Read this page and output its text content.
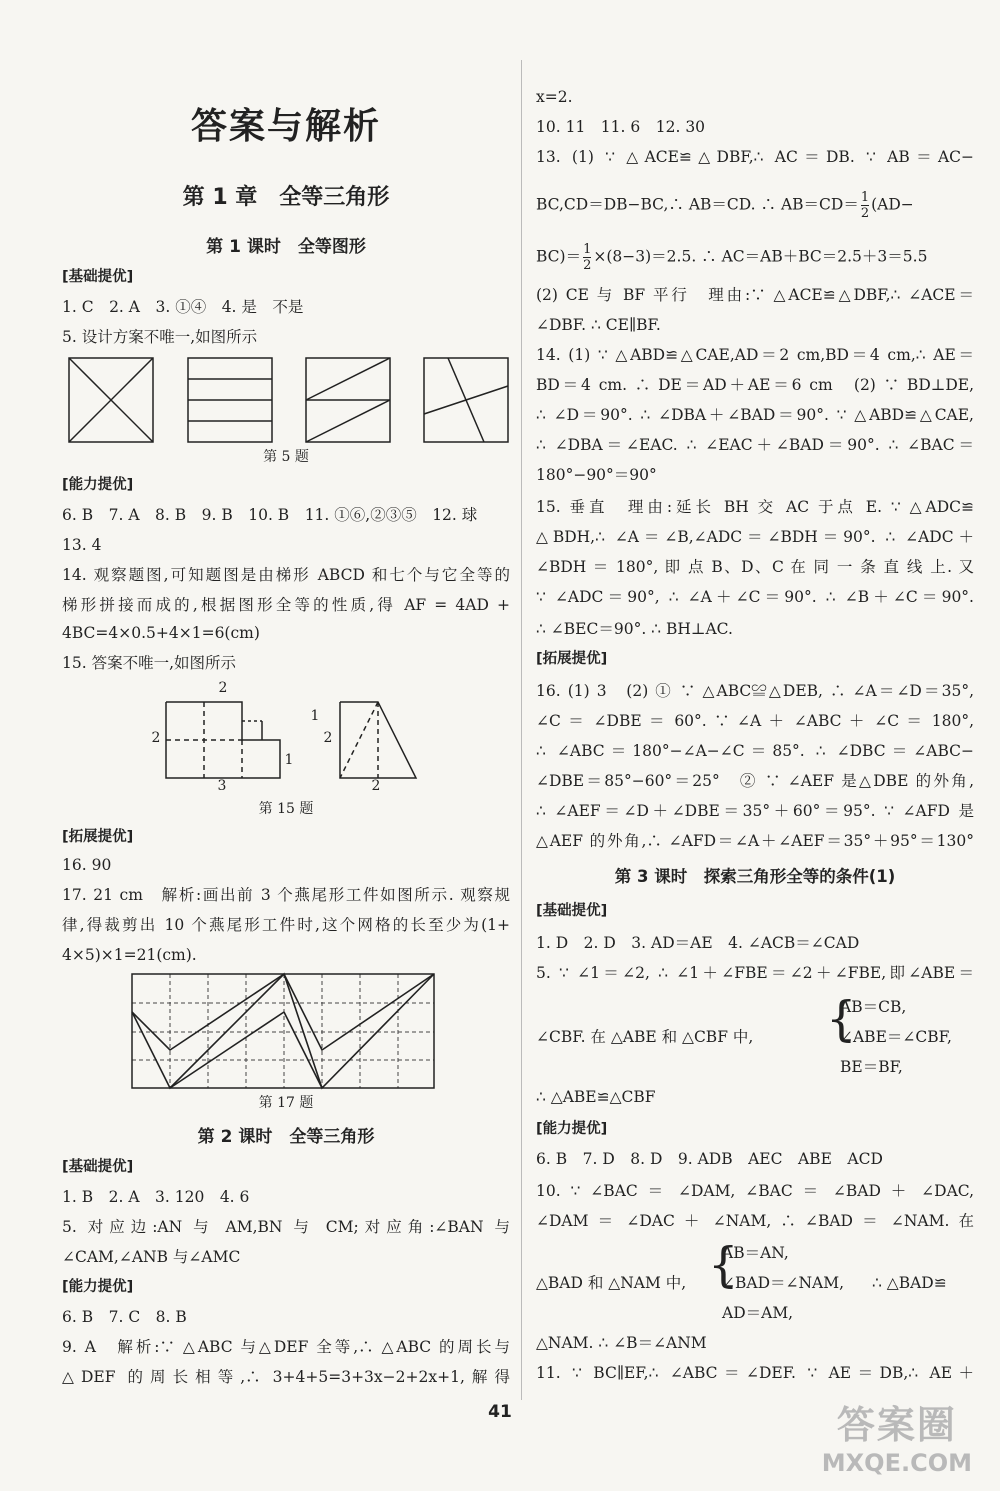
答案与解析
第 1 章　全等三角形
第 1 课时　全等图形
[基础提优]
1. C　2. A　3. ①④　4. 是　不是
5. 设计方案不唯一,如图所示
第 5 题
[能力提优]
6. B　7. A　8. B　9. B　10. B　11. ①⑥,②③⑤　12. 球
13. 4
14. 观察题图,可知题图是由梯形 ABCD 和七个与它全等的
梯形拼接而成的,根据图形全等的性质,得 AF = 4AD +
4BC=4×0.5+4×1=6(cm)
15. 答案不唯一,如图所示
2
1
2
1
3
2
2
第 15 题
[拓展提优]
16. 90
17. 21 cm　解析:画出前 3 个燕尾形工件如图所示. 观察规
律,得裁剪出 10 个燕尾形工件时,这个网格的长至少为(1+
4×5)×1=21(cm).
第 17 题
第 2 课时　全等三角形
[基础提优]
1. B　2. A　3. 120　4. 6
5. 对应边:AN 与 AM,BN 与 CM;对应角:∠BAN 与
∠CAM,∠ANB 与∠AMC
[能力提优]
6. B　7. C　8. B
9. A　解析:∵ △ABC 与△DEF 全等,∴ △ABC 的周长与
△DEF 的周长相等,∴ 3+4+5=3+3x−2+2x+1,解得
x=2.
10. 11　11. 6　12. 30
13. (1) ∵ △ACE≌△DBF,∴ AC＝DB. ∵ AB＝AC−
BC,CD＝DB−BC,∴ AB＝CD. ∴ $AB=CD= \frac{1}{2} (AD-$
$BC)= \frac{1}{2} \times(8-3)=2.5$. ∴ AC＝AB＋BC＝2.5＋3＝5.5
(2) CE 与 BF 平行　理由:∵ △ACE≌△DBF,∴ ∠ACE＝
∠DBF. ∴ CE∥BF.
14. (1) ∵ △ABD≌△CAE,AD＝2 cm,BD＝4 cm,∴ AE＝
BD＝4 cm. ∴ DE＝AD＋AE＝6 cm　(2) ∵ BD⊥DE,
∴ ∠D＝90°. ∴ ∠DBA＋∠BAD＝90°. ∵ △ABD≌△CAE,
∴ ∠DBA＝∠EAC. ∴ ∠EAC＋∠BAD＝90°. ∴ ∠BAC＝
180°−90°＝90°
15. 垂直　理由:延长 BH 交 AC 于点 E. ∵ △ADC≌
△BDH,∴ ∠A＝∠B,∠ADC＝∠BDH＝90°. ∴ ∠ADC＋
∠BDH ＝ 180°, 即 点 B、D、C 在 同 一 条 直 线 上. 又
∵ ∠ADC＝90°, ∴ ∠A＋∠C＝90°. ∴ ∠B＋∠C＝90°.
∴ ∠BEC＝90°. ∴ BH⊥AC.
[拓展提优]
16. (1) 3　(2) ① ∵ △ABC≌△DEB, ∴ ∠A＝∠D＝35°,
∠C ＝ ∠DBE ＝ 60°. ∵ ∠A ＋ ∠ABC ＋ ∠C ＝ 180°,
∴ ∠ABC＝180°−∠A−∠C＝85°. ∴ ∠DBC＝∠ABC−
∠DBE＝85°−60°＝25°　② ∵ ∠AEF 是△DBE 的外角,
∴ ∠AEF＝∠D＋∠DBE＝35°＋60°＝95°. ∵ ∠AFD 是
△AEF 的外角,∴ ∠AFD＝∠A＋∠AEF＝35°＋95°＝130°
第 3 课时　探索三角形全等的条件(1)
[基础提优]
1. D　2. D　3. AD＝AE　4. ∠ACB＝∠CAD
5. ∵ ∠1＝∠2, ∴ ∠1＋∠FBE＝∠2＋∠FBE,即∠ABE＝
∠CBF. 在 △ABE 和 △CBF 中,	{
AB＝CB,
∠ABE＝∠CBF,
BE＝BF,
∴ △ABE≌△CBF
[能力提优]
6. B　7. D　8. D　9. ADB　AEC　ABE　ACD
10. ∵ ∠BAC ＝ ∠DAM, ∠BAC ＝ ∠BAD ＋ ∠DAC,
∠DAM ＝ ∠DAC ＋ ∠NAM, ∴ ∠BAD ＝ ∠NAM. 在
△BAD 和 △NAM 中, {
AB＝AN,
∠BAD＝∠NAM,
AD＝AM,
∴ △BAD≌
△NAM. ∴ ∠B＝∠ANM
11. ∵ BC∥EF,∴ ∠ABC＝∠DEF. ∵ AE＝DB,∴ AE＋
41	答案圈
MXQE.COM
